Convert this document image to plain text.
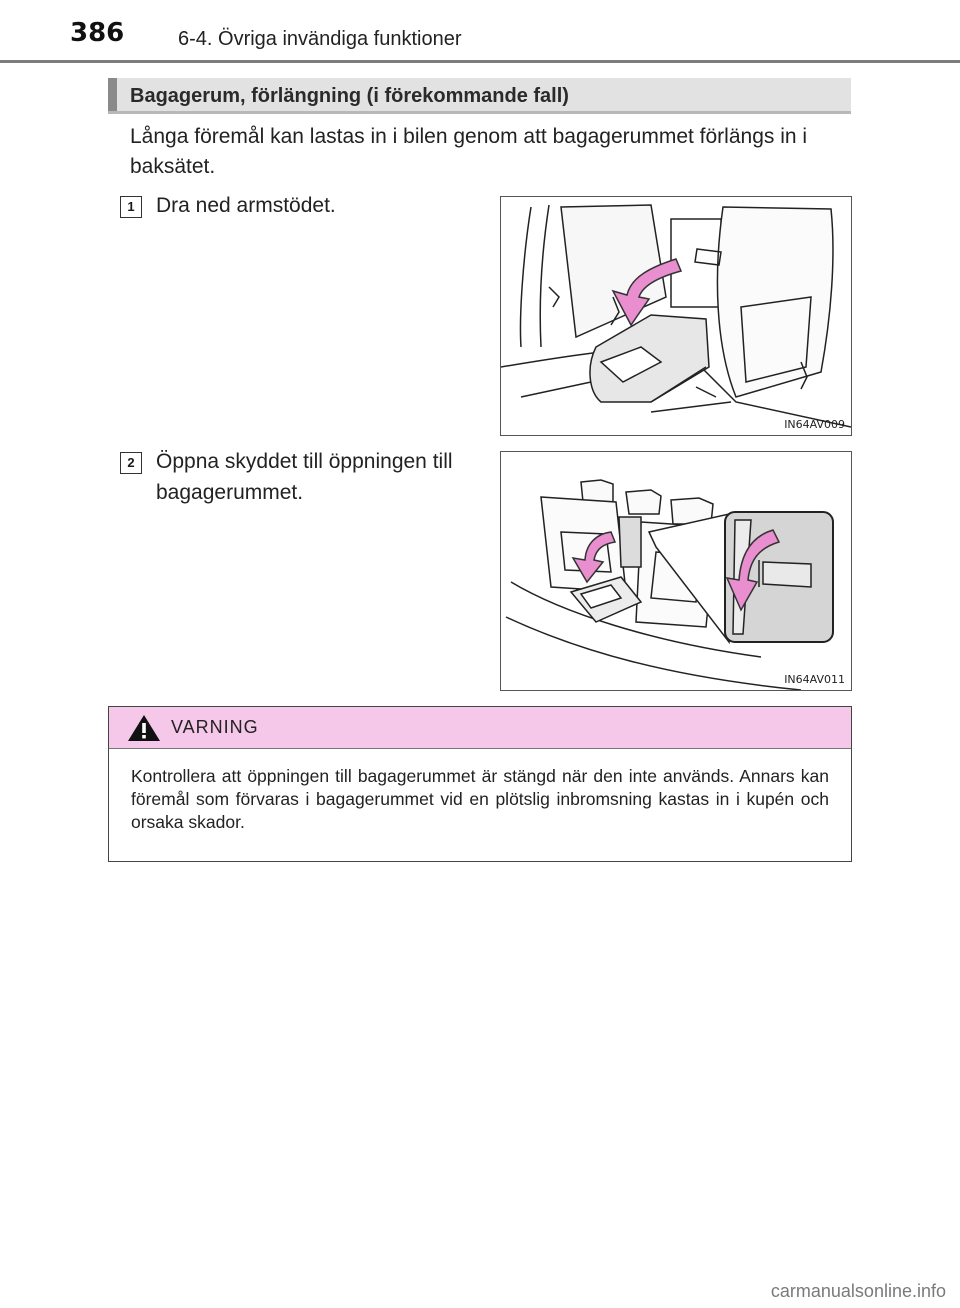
386	6-4. Övriga invändiga funktioner
Bagagerum, förlängning (i förekommande fall)

Långa föremål kan lastas in i bilen genom att bagagerummet förlängs in i baksätet.

1	Dra ned armstödet.

IN64AV009
2	Öppna skyddet till öppningen till bagagerummet.

IN64AV011
VARNING

Kontrollera att öppningen till bagagerummet är stängd när den inte används. Annars kan föremål som förvaras i bagagerummet vid en plötslig inbromsning kastas in i kupén och orsaka skador.

carmanualsonline.info
